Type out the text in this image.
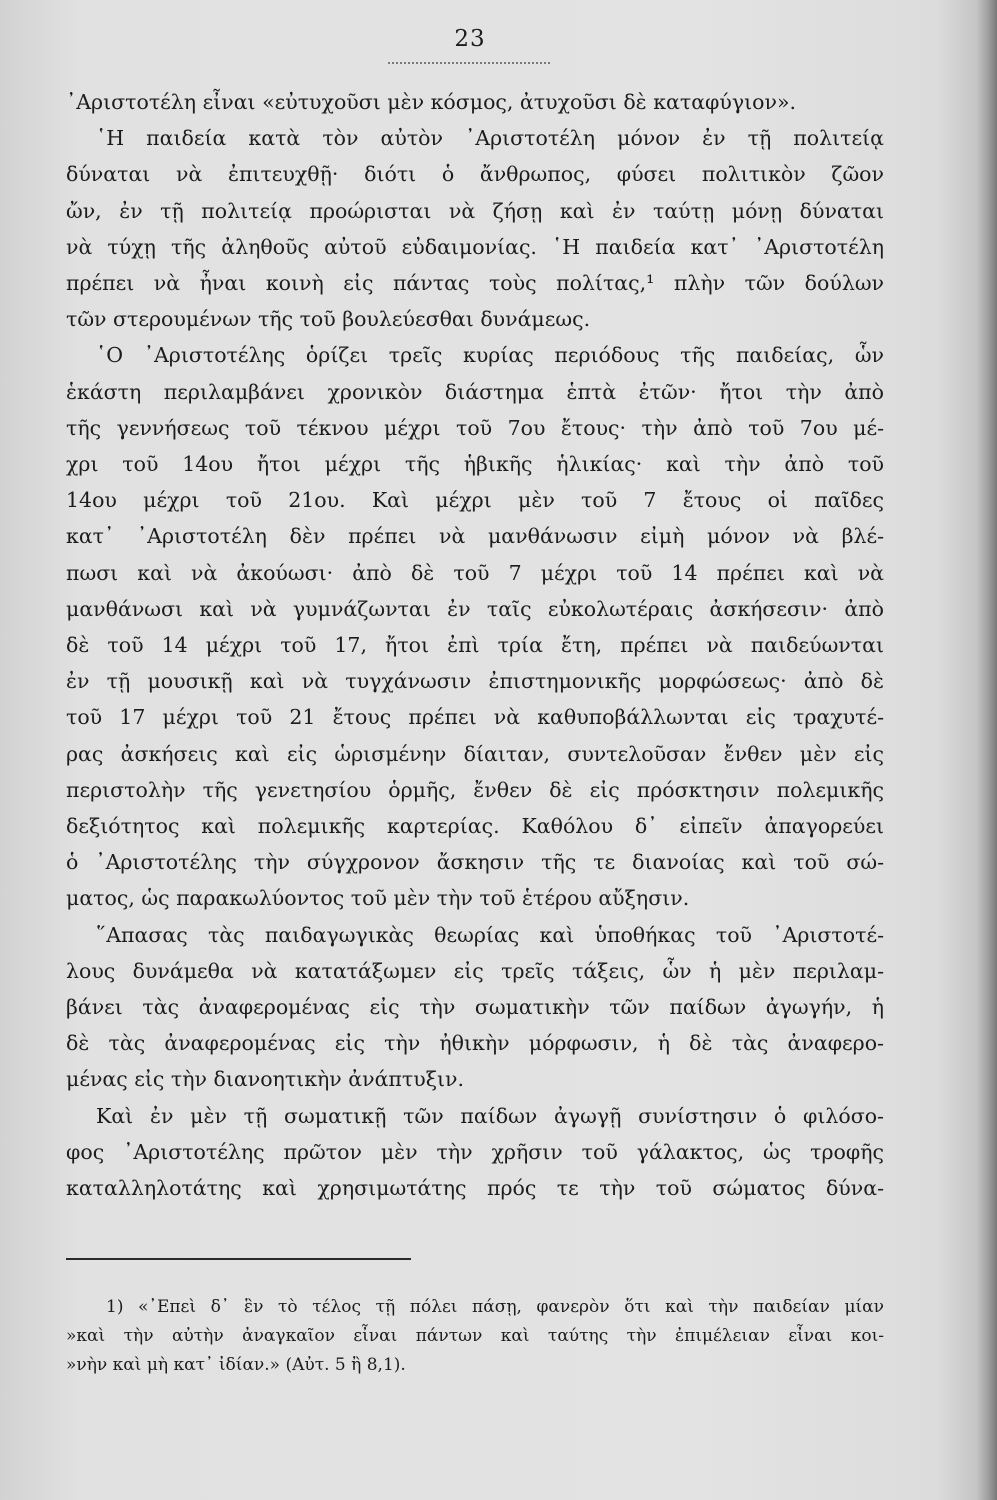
23
᾿Αριστοτέλη εἶναι «εὐτυχοῦσι μὲν κόσμος, ἀτυχοῦσι δὲ καταφύγιον».
῾Η παιδεία κατὰ τὸν αὐτὸν ᾿Αριστοτέλη μόνον ἐν τῇ πολιτείᾳ
δύναται νὰ ἐπιτευχθῇ· διότι ὁ ἄνθρωπος, φύσει πολιτικὸν ζῶον
ὤν, ἐν τῇ πολιτείᾳ προώρισται νὰ ζήσῃ καὶ ἐν ταύτῃ μόνῃ δύναται
νὰ τύχῃ τῆς ἀληθοῦς αὐτοῦ εὐδαιμονίας. ῾Η παιδεία κατ᾿ ᾿Αριστοτέλη
πρέπει νὰ ἦναι κοινὴ εἰς πάντας τοὺς πολίτας,¹ πλὴν τῶν δούλων
τῶν στερουμένων τῆς τοῦ βουλεύεσθαι δυνάμεως.
῾Ο ᾿Αριστοτέλης ὁρίζει τρεῖς κυρίας περιόδους τῆς παιδείας, ὧν
ἑκάστη περιλαμβάνει χρονικὸν διάστημα ἑπτὰ ἐτῶν· ἤτοι τὴν ἀπὸ
τῆς γεννήσεως τοῦ τέκνου μέχρι τοῦ 7ου ἔτους· τὴν ἀπὸ τοῦ 7ου μέ-
χρι τοῦ 14ου ἤτοι μέχρι τῆς ἡβικῆς ἡλικίας· καὶ τὴν ἀπὸ τοῦ
14ου μέχρι τοῦ 21ου. Καὶ μέχρι μὲν τοῦ 7 ἔτους οἱ παῖδες
κατ᾿ ᾿Αριστοτέλη δὲν πρέπει νὰ μανθάνωσιν εἰμὴ μόνον νὰ βλέ-
πωσι καὶ νὰ ἀκούωσι· ἀπὸ δὲ τοῦ 7 μέχρι τοῦ 14 πρέπει καὶ νὰ
μανθάνωσι καὶ νὰ γυμνάζωνται ἐν ταῖς εὐκολωτέραις ἀσκήσεσιν· ἀπὸ
δὲ τοῦ 14 μέχρι τοῦ 17, ἤτοι ἐπὶ τρία ἔτη, πρέπει νὰ παιδεύωνται
ἐν τῇ μουσικῇ καὶ νὰ τυγχάνωσιν ἐπιστημονικῆς μορφώσεως· ἀπὸ δὲ
τοῦ 17 μέχρι τοῦ 21 ἔτους πρέπει νὰ καθυποβάλλωνται εἰς τραχυτέ-
ρας ἀσκήσεις καὶ εἰς ὡρισμένην δίαιταν, συντελοῦσαν ἔνθεν μὲν εἰς
περιστολὴν τῆς γενετησίου ὁρμῆς, ἔνθεν δὲ εἰς πρόσκτησιν πολεμικῆς
δεξιότητος καὶ πολεμικῆς καρτερίας. Καθόλου δ᾿ εἰπεῖν ἀπαγορεύει
ὁ ᾿Αριστοτέλης τὴν σύγχρονον ἄσκησιν τῆς τε διανοίας καὶ τοῦ σώ-
ματος, ὡς παρακωλύοντος τοῦ μὲν τὴν τοῦ ἑτέρου αὔξησιν.
῞Απασας τὰς παιδαγωγικὰς θεωρίας καὶ ὑποθήκας τοῦ ᾿Αριστοτέ-
λους δυνάμεθα νὰ κατατάξωμεν εἰς τρεῖς τάξεις, ὧν ἡ μὲν περιλαμ-
βάνει τὰς ἀναφερομένας εἰς τὴν σωματικὴν τῶν παίδων ἀγωγήν, ἡ
δὲ τὰς ἀναφερομένας εἰς τὴν ἠθικὴν μόρφωσιν, ἡ δὲ τὰς ἀναφερο-
μένας εἰς τὴν διανοητικὴν ἀνάπτυξιν.
Καὶ ἐν μὲν τῇ σωματικῇ τῶν παίδων ἀγωγῇ συνίστησιν ὁ φιλόσο-
φος ᾿Αριστοτέλης πρῶτον μὲν τὴν χρῆσιν τοῦ γάλακτος, ὡς τροφῆς
καταλληλοτάτης καὶ χρησιμωτάτης πρός τε τὴν τοῦ σώματος δύνα-
1) «᾿Επεὶ δ᾿ ἓν τὸ τέλος τῇ πόλει πάσῃ, φανερὸν ὅτι καὶ τὴν παιδείαν μίαν
»καὶ τὴν αὐτὴν ἀναγκαῖον εἶναι πάντων καὶ ταύτης τὴν ἐπιμέλειαν εἶναι κοι-
»νὴν καὶ μὴ κατ᾿ ἰδίαν.» (Αὐτ. 5 ἢ 8,1).
